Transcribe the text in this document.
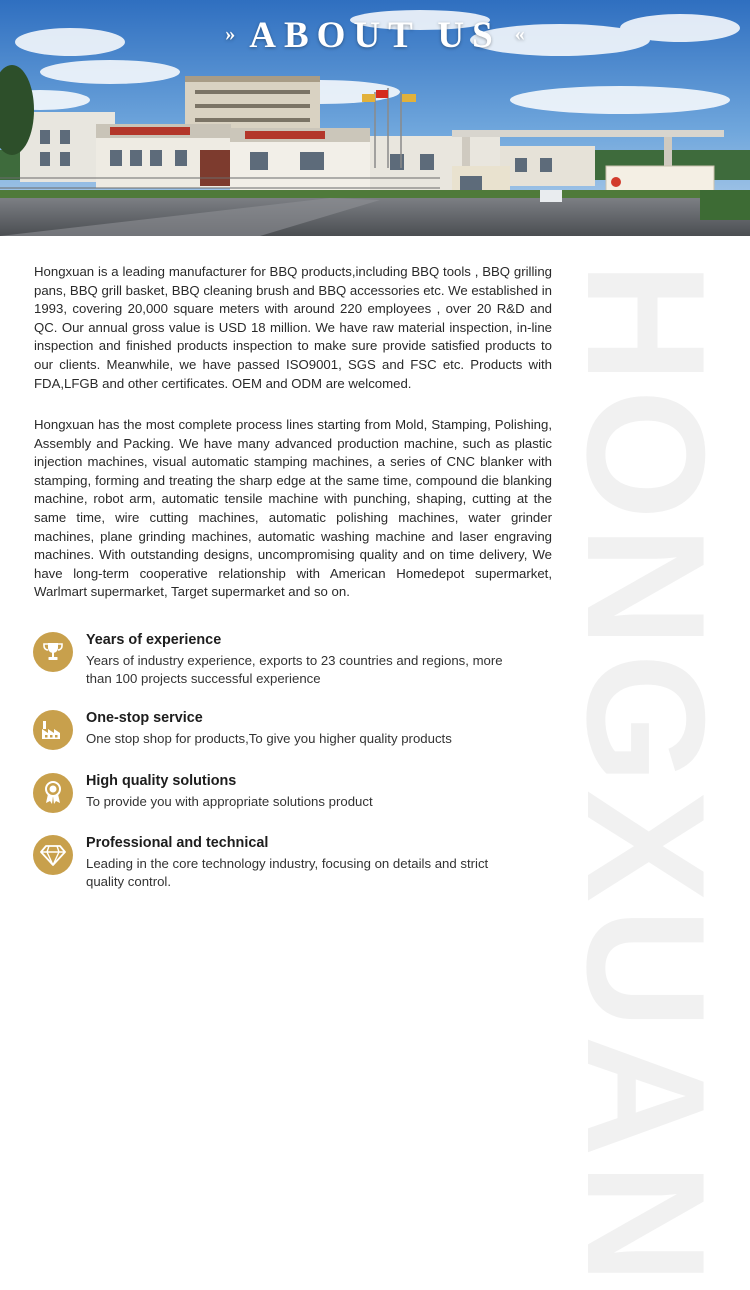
» ABOUT US «
HONGXUAN

Hongxuan is a leading manufacturer for BBQ products,including BBQ tools , BBQ grilling pans, BBQ grill basket, BBQ cleaning brush and BBQ accessories etc. We established in 1993, covering 20,000 square meters with around 220 employees , over 20 R&D and QC. Our annual gross value is USD 18 million. We have raw material inspection, in-line inspection and finished products inspection to make sure provide satisfied products to our clients. Meanwhile, we have passed ISO9001, SGS and FSC etc. Products with FDA,LFGB and other certificates. OEM and ODM are welcomed.

Hongxuan has the most complete process lines starting from Mold, Stamping, Polishing, Assembly and Packing. We have many advanced production machine, such as plastic injection machines, visual automatic stamping machines, a series of CNC blanker with stamping, forming and treating the sharp edge at the same time, compound die blanking machine, robot arm, automatic tensile machine with punching, shaping, cutting at the same time, wire cutting machines, automatic polishing machines, water grinder machines, plane grinding machines, automatic washing machine and laser engraving machines. With outstanding designs, uncompromising quality and on time delivery, We have long-term cooperative relationship with American Homedepot supermarket, Warlmart supermarket, Target supermarket and so on.

Years of experience

Years of industry experience, exports to 23 countries and regions, more than 100 projects successful experience

One-stop service

One stop shop for products,To give you higher quality products

High quality solutions

To provide you with appropriate solutions product

Professional and technical

Leading in the core technology industry, focusing on details and strict quality control.
